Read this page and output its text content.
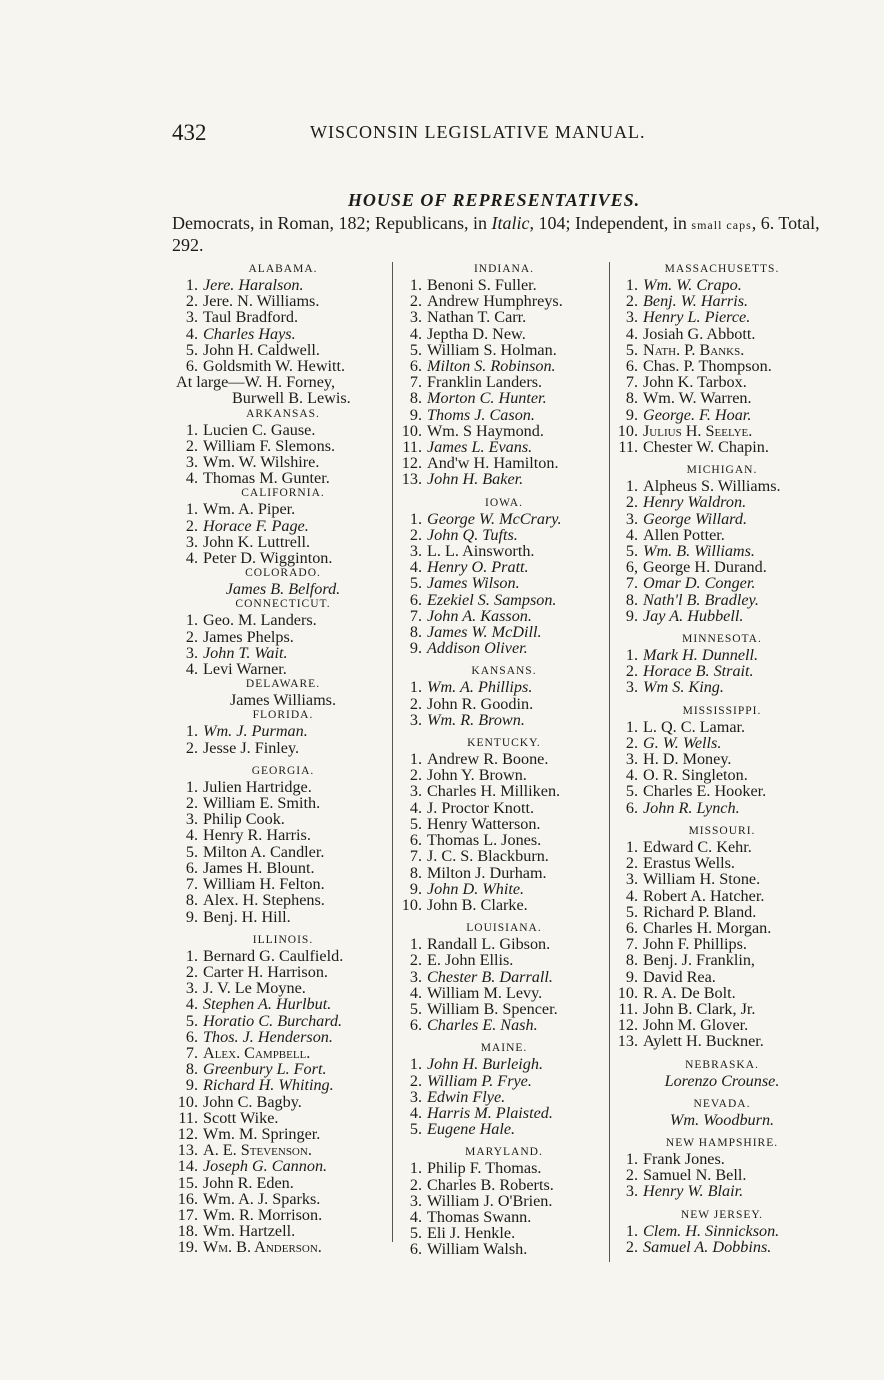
432	WISCONSIN LEGISLATIVE MANUAL.
HOUSE OF REPRESENTATIVES.
Democrats, in Roman, 182; Republicans, in Italic, 104; Independent, in small caps, 6. Total, 292.
ALABAMA.
1. Jere. Haralson.
2. Jere. N. Williams.
3. Taul Bradford.
4. Charles Hays.
5. John H. Caldwell.
6. Goldsmith W. Hewitt.
At large—W. H. Forney,
Burwell B. Lewis.
ARKANSAS.
1. Lucien C. Gause.
2. William F. Slemons.
3. Wm. W. Wilshire.
4. Thomas M. Gunter.
CALIFORNIA.
1. Wm. A. Piper.
2. Horace F. Page.
3. John K. Luttrell.
4. Peter D. Wigginton.
COLORADO.
James B. Belford.
CONNECTICUT.
1. Geo. M. Landers.
2. James Phelps.
3. John T. Wait.
4. Levi Warner.
DELAWARE.
James Williams.
FLORIDA.
1. Wm. J. Purman.
2. Jesse J. Finley.
GEORGIA.
1. Julien Hartridge.
2. William E. Smith.
3. Philip Cook.
4. Henry R. Harris.
5. Milton A. Candler.
6. James H. Blount.
7. William H. Felton.
8. Alex. H. Stephens.
9. Benj. H. Hill.
ILLINOIS.
1. Bernard G. Caulfield.
2. Carter H. Harrison.
3. J. V. Le Moyne.
4. Stephen A. Hurlbut.
5. Horatio C. Burchard.
6. Thos. J. Henderson.
7. Alex. Campbell.
8. Greenbury L. Fort.
9. Richard H. Whiting.
10. John C. Bagby.
11. Scott Wike.
12. Wm. M. Springer.
13. A. E. Stevenson.
14. Joseph G. Cannon.
15. John R. Eden.
16. Wm. A. J. Sparks.
17. Wm. R. Morrison.
18. Wm. Hartzell.
19. Wm. B. Anderson.
INDIANA.
1. Benoni S. Fuller.
2. Andrew Humphreys.
3. Nathan T. Carr.
4. Jeptha D. New.
5. William S. Holman.
6. Milton S. Robinson.
7. Franklin Landers.
8. Morton C. Hunter.
9. Thoms J. Cason.
10. Wm. S Haymond.
11. James L. Evans.
12. And'w H. Hamilton.
13. John H. Baker.
IOWA.
1. George W. McCrary.
2. John Q. Tufts.
3. L. L. Ainsworth.
4. Henry O. Pratt.
5. James Wilson.
6. Ezekiel S. Sampson.
7. John A. Kasson.
8. James W. McDill.
9. Addison Oliver.
KANSANS.
1. Wm. A. Phillips.
2. John R. Goodin.
3. Wm. R. Brown.
KENTUCKY.
1. Andrew R. Boone.
2. John Y. Brown.
3. Charles H. Milliken.
4. J. Proctor Knott.
5. Henry Watterson.
6. Thomas L. Jones.
7. J. C. S. Blackburn.
8. Milton J. Durham.
9. John D. White.
10. John B. Clarke.
LOUISIANA.
1. Randall L. Gibson.
2. E. John Ellis.
3. Chester B. Darrall.
4. William M. Levy.
5. William B. Spencer.
6. Charles E. Nash.
MAINE.
1. John H. Burleigh.
2. William P. Frye.
3. Edwin Flye.
4. Harris M. Plaisted.
5. Eugene Hale.
MARYLAND.
1. Philip F. Thomas.
2. Charles B. Roberts.
3. William J. O'Brien.
4. Thomas Swann.
5. Eli J. Henkle.
6. William Walsh.
MASSACHUSETTS.
1. Wm. W. Crapo.
2. Benj. W. Harris.
3. Henry L. Pierce.
4. Josiah G. Abbott.
5. Nath. P. Banks.
6. Chas. P. Thompson.
7. John K. Tarbox.
8. Wm. W. Warren.
9. George. F. Hoar.
10. Julius H. Seelye.
11. Chester W. Chapin.
MICHIGAN.
1. Alpheus S. Williams.
2. Henry Waldron.
3. George Willard.
4. Allen Potter.
5. Wm. B. Williams.
6, George H. Durand.
7. Omar D. Conger.
8. Nath'l B. Bradley.
9. Jay A. Hubbell.
MINNESOTA.
1. Mark H. Dunnell.
2. Horace B. Strait.
3. Wm S. King.
MISSISSIPPI.
1. L. Q. C. Lamar.
2. G. W. Wells.
3. H. D. Money.
4. O. R. Singleton.
5. Charles E. Hooker.
6. John R. Lynch.
MISSOURI.
1. Edward C. Kehr.
2. Erastus Wells.
3. William H. Stone.
4. Robert A. Hatcher.
5. Richard P. Bland.
6. Charles H. Morgan.
7. John F. Phillips.
8. Benj. J. Franklin,
9. David Rea.
10. R. A. De Bolt.
11. John B. Clark, Jr.
12. John M. Glover.
13. Aylett H. Buckner.
NEBRASKA.
Lorenzo Crounse.
NEVADA.
Wm. Woodburn.
NEW HAMPSHIRE.
1. Frank Jones.
2. Samuel N. Bell.
3. Henry W. Blair.
NEW JERSEY.
1. Clem. H. Sinnickson.
2. Samuel A. Dobbins.
